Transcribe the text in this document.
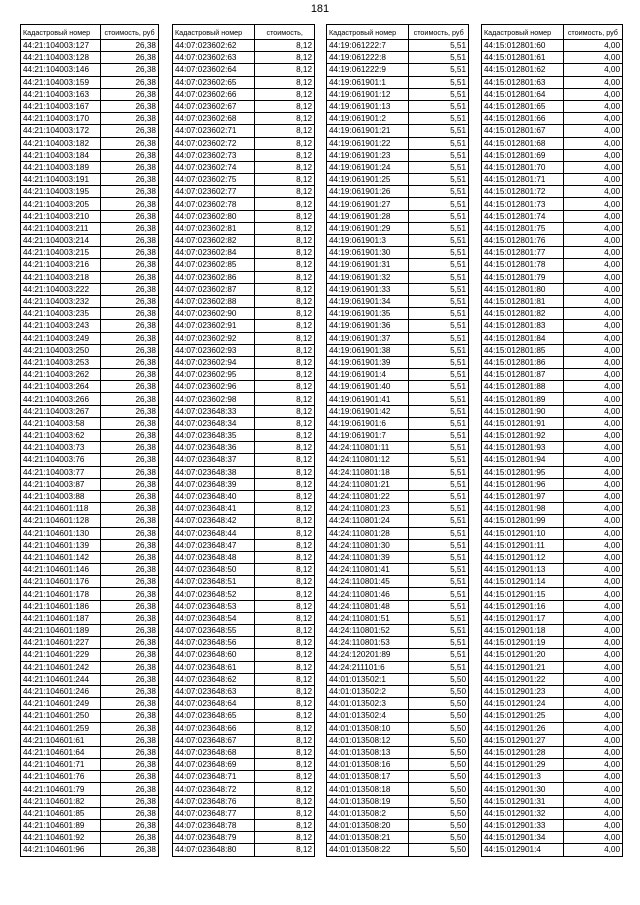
181
Кадастровый номер	стоимость, руб
44:21:104003:127	26,38
44:21:104003:128	26,38
44:21:104003:146	26,38
44:21:104003:159	26,38
44:21:104003:163	26,38
44:21:104003:167	26,38
44:21:104003:170	26,38
44:21:104003:172	26,38
44:21:104003:182	26,38
44:21:104003:184	26,38
44:21:104003:189	26,38
44:21:104003:191	26,38
44:21:104003:195	26,38
44:21:104003:205	26,38
44:21:104003:210	26,38
44:21:104003:211	26,38
44:21:104003:214	26,38
44:21:104003:215	26,38
44:21:104003:216	26,38
44:21:104003:218	26,38
44:21:104003:222	26,38
44:21:104003:232	26,38
44:21:104003:235	26,38
44:21:104003:243	26,38
44:21:104003:249	26,38
44:21:104003:250	26,38
44:21:104003:253	26,38
44:21:104003:262	26,38
44:21:104003:264	26,38
44:21:104003:266	26,38
44:21:104003:267	26,38
44:21:104003:58	26,38
44:21:104003:62	26,38
44:21:104003:73	26,38
44:21:104003:76	26,38
44:21:104003:77	26,38
44:21:104003:87	26,38
44:21:104003:88	26,38
44:21:104601:118	26,38
44:21:104601:128	26,38
44:21:104601:130	26,38
44:21:104601:139	26,38
44:21:104601:142	26,38
44:21:104601:146	26,38
44:21:104601:176	26,38
44:21:104601:178	26,38
44:21:104601:186	26,38
44:21:104601:187	26,38
44:21:104601:189	26,38
44:21:104601:227	26,38
44:21:104601:229	26,38
44:21:104601:242	26,38
44:21:104601:244	26,38
44:21:104601:246	26,38
44:21:104601:249	26,38
44:21:104601:250	26,38
44:21:104601:259	26,38
44:21:104601:61	26,38
44:21:104601:64	26,38
44:21:104601:71	26,38
44:21:104601:76	26,38
44:21:104601:79	26,38
44:21:104601:82	26,38
44:21:104601:85	26,38
44:21:104601:89	26,38
44:21:104601:92	26,38
44:21:104601:96	26,38
Кадастровый номер	стоимость,
44:07:023602:62	8,12
44:07:023602:63	8,12
44:07:023602:64	8,12
44:07:023602:65	8,12
44:07:023602:66	8,12
44:07:023602:67	8,12
44:07:023602:68	8,12
44:07:023602:71	8,12
44:07:023602:72	8,12
44:07:023602:73	8,12
44:07:023602:74	8,12
44:07:023602:75	8,12
44:07:023602:77	8,12
44:07:023602:78	8,12
44:07:023602:80	8,12
44:07:023602:81	8,12
44:07:023602:82	8,12
44:07:023602:84	8,12
44:07:023602:85	8,12
44:07:023602:86	8,12
44:07:023602:87	8,12
44:07:023602:88	8,12
44:07:023602:90	8,12
44:07:023602:91	8,12
44:07:023602:92	8,12
44:07:023602:93	8,12
44:07:023602:94	8,12
44:07:023602:95	8,12
44:07:023602:96	8,12
44:07:023602:98	8,12
44:07:023648:33	8,12
44:07:023648:34	8,12
44:07:023648:35	8,12
44:07:023648:36	8,12
44:07:023648:37	8,12
44:07:023648:38	8,12
44:07:023648:39	8,12
44:07:023648:40	8,12
44:07:023648:41	8,12
44:07:023648:42	8,12
44:07:023648:44	8,12
44:07:023648:47	8,12
44:07:023648:48	8,12
44:07:023648:50	8,12
44:07:023648:51	8,12
44:07:023648:52	8,12
44:07:023648:53	8,12
44:07:023648:54	8,12
44:07:023648:55	8,12
44:07:023648:56	8,12
44:07:023648:60	8,12
44:07:023648:61	8,12
44:07:023648:62	8,12
44:07:023648:63	8,12
44:07:023648:64	8,12
44:07:023648:65	8,12
44:07:023648:66	8,12
44:07:023648:67	8,12
44:07:023648:68	8,12
44:07:023648:69	8,12
44:07:023648:71	8,12
44:07:023648:72	8,12
44:07:023648:76	8,12
44:07:023648:77	8,12
44:07:023648:78	8,12
44:07:023648:79	8,12
44:07:023648:80	8,12
Кадастровый номер	стоимость, руб
44:19:061222:7	5,51
44:19:061222:8	5,51
44:19:061222:9	5,51
44:19:061901:1	5,51
44:19:061901:12	5,51
44:19:061901:13	5,51
44:19:061901:2	5,51
44:19:061901:21	5,51
44:19:061901:22	5,51
44:19:061901:23	5,51
44:19:061901:24	5,51
44:19:061901:25	5,51
44:19:061901:26	5,51
44:19:061901:27	5,51
44:19:061901:28	5,51
44:19:061901:29	5,51
44:19:061901:3	5,51
44:19:061901:30	5,51
44:19:061901:31	5,51
44:19:061901:32	5,51
44:19:061901:33	5,51
44:19:061901:34	5,51
44:19:061901:35	5,51
44:19:061901:36	5,51
44:19:061901:37	5,51
44:19:061901:38	5,51
44:19:061901:39	5,51
44:19:061901:4	5,51
44:19:061901:40	5,51
44:19:061901:41	5,51
44:19:061901:42	5,51
44:19:061901:6	5,51
44:19:061901:7	5,51
44:24:110801:11	5,51
44:24:110801:12	5,51
44:24:110801:18	5,51
44:24:110801:21	5,51
44:24:110801:22	5,51
44:24:110801:23	5,51
44:24:110801:24	5,51
44:24:110801:28	5,51
44:24:110801:30	5,51
44:24:110801:39	5,51
44:24:110801:41	5,51
44:24:110801:45	5,51
44:24:110801:46	5,51
44:24:110801:48	5,51
44:24:110801:51	5,51
44:24:110801:52	5,51
44:24:110801:53	5,51
44:24:120201:89	5,51
44:24:211101:6	5,51
44:01:013502:1	5,50
44:01:013502:2	5,50
44:01:013502:3	5,50
44:01:013502:4	5,50
44:01:013508:10	5,50
44:01:013508:12	5,50
44:01:013508:13	5,50
44:01:013508:16	5,50
44:01:013508:17	5,50
44:01:013508:18	5,50
44:01:013508:19	5,50
44:01:013508:2	5,50
44:01:013508:20	5,50
44:01:013508:21	5,50
44:01:013508:22	5,50
Кадастровый номер	стоимость, руб
44:15:012801:60	4,00
44:15:012801:61	4,00
44:15:012801:62	4,00
44:15:012801:63	4,00
44:15:012801:64	4,00
44:15:012801:65	4,00
44:15:012801:66	4,00
44:15:012801:67	4,00
44:15:012801:68	4,00
44:15:012801:69	4,00
44:15:012801:70	4,00
44:15:012801:71	4,00
44:15:012801:72	4,00
44:15:012801:73	4,00
44:15:012801:74	4,00
44:15:012801:75	4,00
44:15:012801:76	4,00
44:15:012801:77	4,00
44:15:012801:78	4,00
44:15:012801:79	4,00
44:15:012801:80	4,00
44:15:012801:81	4,00
44:15:012801:82	4,00
44:15:012801:83	4,00
44:15:012801:84	4,00
44:15:012801:85	4,00
44:15:012801:86	4,00
44:15:012801:87	4,00
44:15:012801:88	4,00
44:15:012801:89	4,00
44:15:012801:90	4,00
44:15:012801:91	4,00
44:15:012801:92	4,00
44:15:012801:93	4,00
44:15:012801:94	4,00
44:15:012801:95	4,00
44:15:012801:96	4,00
44:15:012801:97	4,00
44:15:012801:98	4,00
44:15:012801:99	4,00
44:15:012901:10	4,00
44:15:012901:11	4,00
44:15:012901:12	4,00
44:15:012901:13	4,00
44:15:012901:14	4,00
44:15:012901:15	4,00
44:15:012901:16	4,00
44:15:012901:17	4,00
44:15:012901:18	4,00
44:15:012901:19	4,00
44:15:012901:20	4,00
44:15:012901:21	4,00
44:15:012901:22	4,00
44:15:012901:23	4,00
44:15:012901:24	4,00
44:15:012901:25	4,00
44:15:012901:26	4,00
44:15:012901:27	4,00
44:15:012901:28	4,00
44:15:012901:29	4,00
44:15:012901:3	4,00
44:15:012901:30	4,00
44:15:012901:31	4,00
44:15:012901:32	4,00
44:15:012901:33	4,00
44:15:012901:34	4,00
44:15:012901:4	4,00
